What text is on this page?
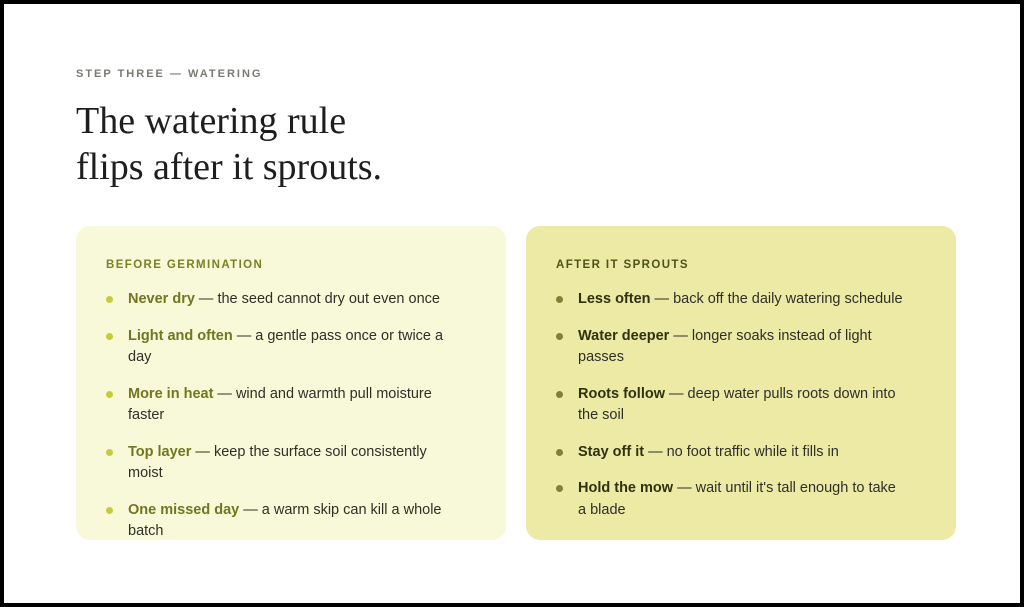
STEP THREE — WATERING
The watering rule
flips after it sprouts.
BEFORE GERMINATION
Never dry — the seed cannot dry out even once
Light and often — a gentle pass once or twice a day
More in heat — wind and warmth pull moisture faster
Top layer — keep the surface soil consistently moist
One missed day — a warm skip can kill a whole batch
AFTER IT SPROUTS
Less often — back off the daily watering schedule
Water deeper — longer soaks instead of light passes
Roots follow — deep water pulls roots down into the soil
Stay off it — no foot traffic while it fills in
Hold the mow — wait until it's tall enough to take a blade
